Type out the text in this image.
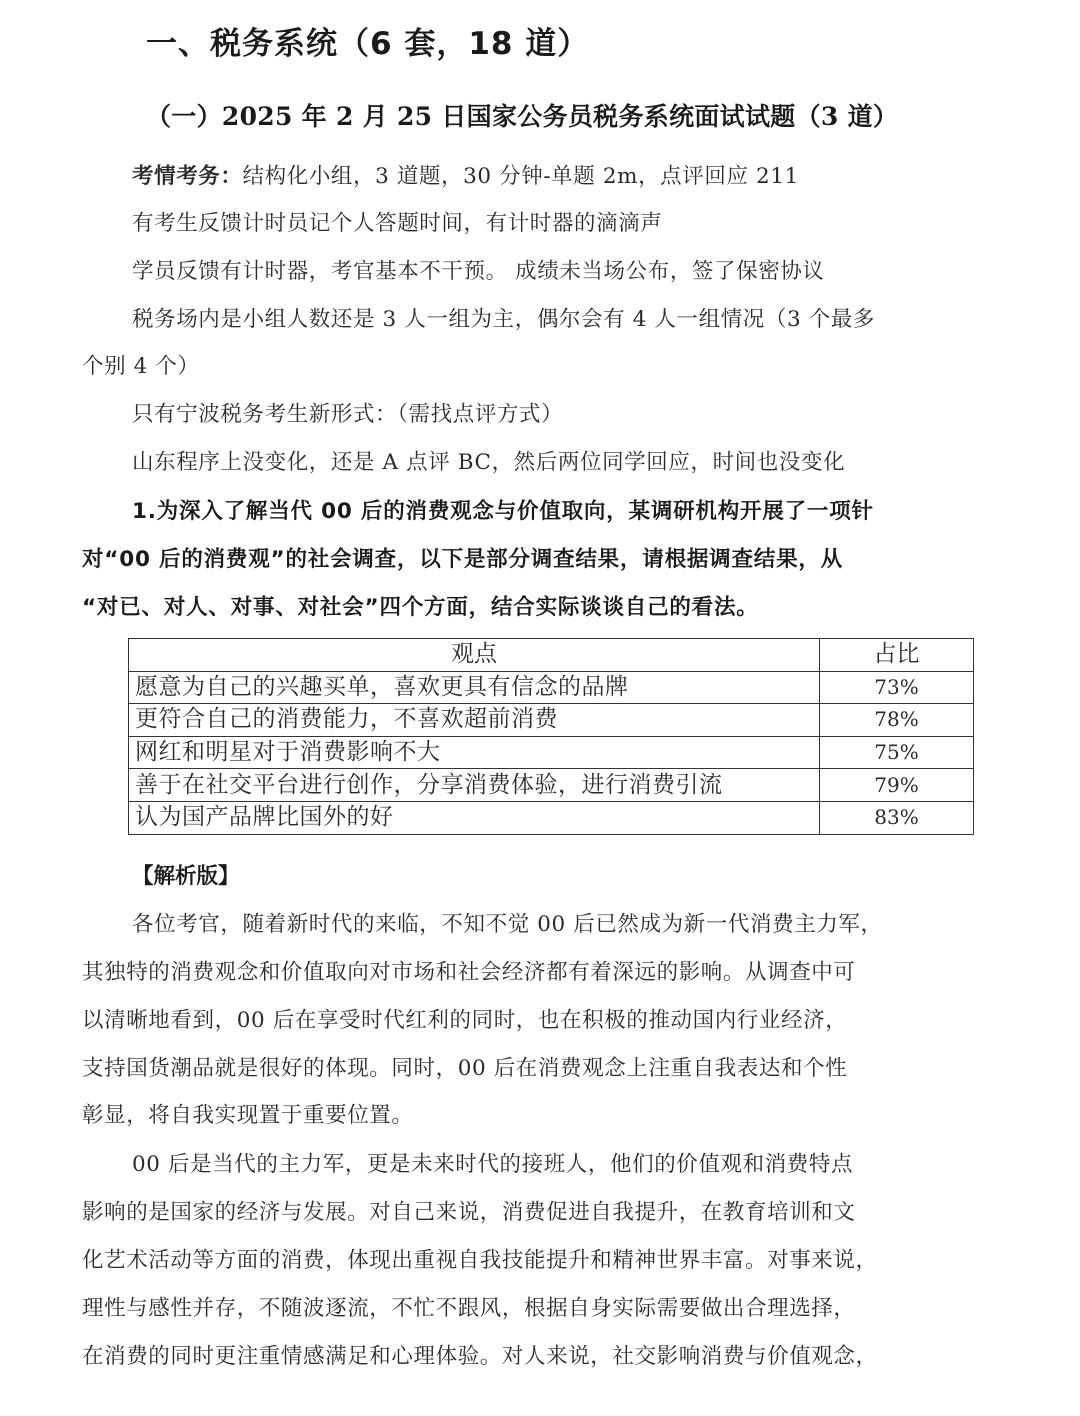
一、税务系统（6 套，18 道）
（一）2025 年 2 月 25 日国家公务员税务系统面试试题（3 道）
考情考务：结构化小组，3 道题，30 分钟-单题 2m，点评回应 211
有考生反馈计时员记个人答题时间，有计时器的滴滴声
学员反馈有计时器，考官基本不干预。 成绩未当场公布，签了保密协议
税务场内是小组人数还是 3 人一组为主，偶尔会有 4 人一组情况（3 个最多
个别 4 个）
只有宁波税务考生新形式：（需找点评方式）
山东程序上没变化，还是 A 点评 BC，然后两位同学回应，时间也没变化
1.为深入了解当代 00 后的消费观念与价值取向，某调研机构开展了一项针
对“00 后的消费观”的社会调查，以下是部分调查结果，请根据调查结果，从
“对已、对人、对事、对社会”四个方面，结合实际谈谈自己的看法。
观点	占比
愿意为自己的兴趣买单，喜欢更具有信念的品牌	73%
更符合自己的消费能力，不喜欢超前消费	78%
网红和明星对于消费影响不大	75%
善于在社交平台进行创作，分享消费体验，进行消费引流	79%
认为国产品牌比国外的好	83%
【解析版】
各位考官，随着新时代的来临，不知不觉 00 后已然成为新一代消费主力军，
其独特的消费观念和价值取向对市场和社会经济都有着深远的影响。从调查中可
以清晰地看到，00 后在享受时代红利的同时，也在积极的推动国内行业经济，
支持国货潮品就是很好的体现。同时，00 后在消费观念上注重自我表达和个性
彰显，将自我实现置于重要位置。
00 后是当代的主力军，更是未来时代的接班人，他们的价值观和消费特点
影响的是国家的经济与发展。对自己来说，消费促进自我提升，在教育培训和文
化艺术活动等方面的消费，体现出重视自我技能提升和精神世界丰富。对事来说，
理性与感性并存，不随波逐流，不忙不跟风，根据自身实际需要做出合理选择，
在消费的同时更注重情感满足和心理体验。对人来说，社交影响消费与价值观念，
